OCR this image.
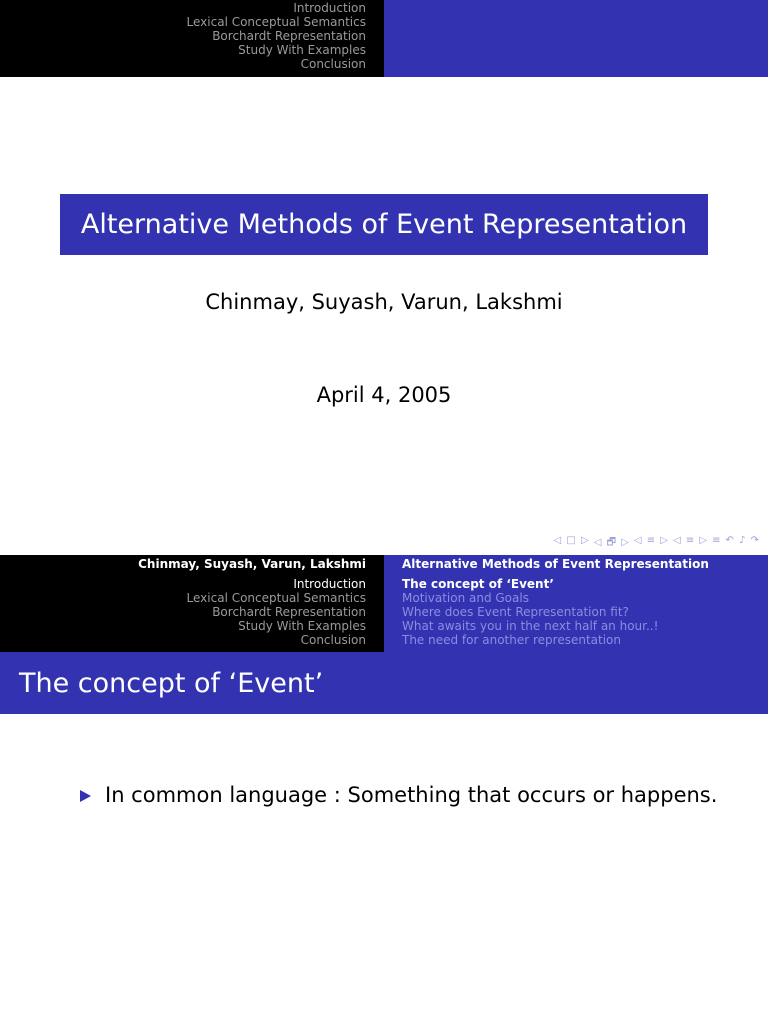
Introduction
Lexical Conceptual Semantics
Borchardt Representation
Study With Examples
Conclusion
Alternative Methods of Event Representation
Chinmay, Suyash, Varun, Lakshmi
April 4, 2005
◁ □ ▷ ◁ 🗗 ▷ ◁ ≡ ▷ ◁ ≡ ▷ ≡ ↶ ♪ ↷
Chinmay, Suyash, Varun, Lakshmi
Introduction
Lexical Conceptual Semantics
Borchardt Representation
Study With Examples
Conclusion
Alternative Methods of Event Representation
The concept of ‘Event’
Motivation and Goals
Where does Event Representation fit?
What awaits you in the next half an hour..!
The need for another representation
The concept of ‘Event’
In common language : Something that occurs or happens.
